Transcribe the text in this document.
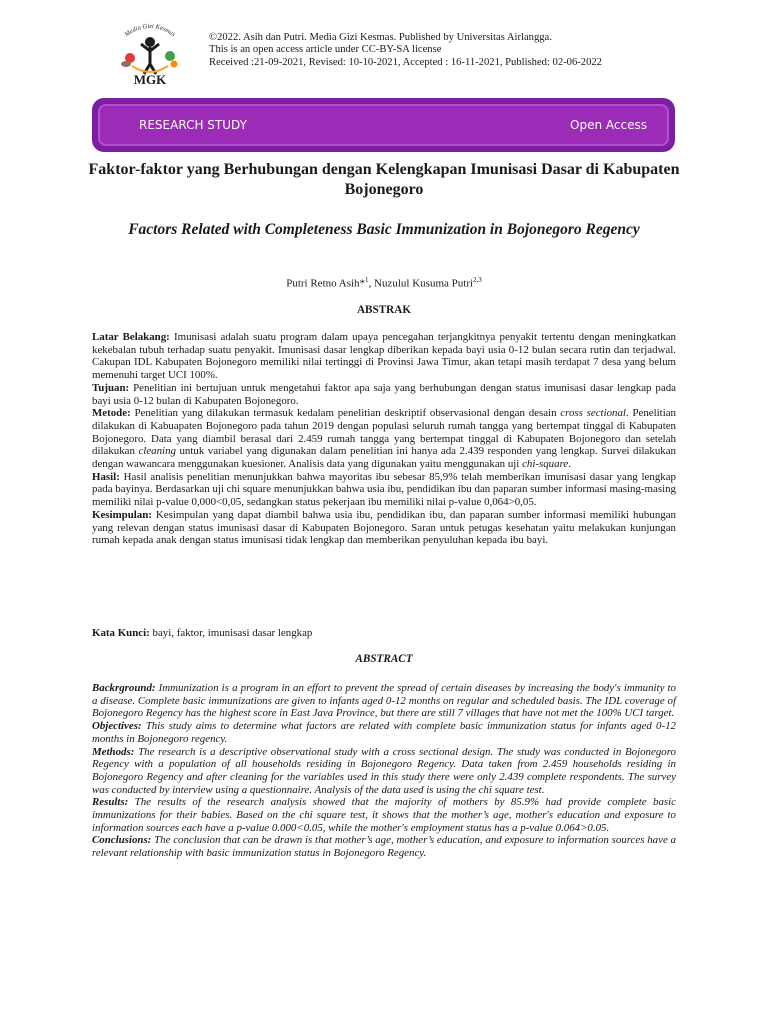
Media Gizi Kesmas
MGK
©2022. Asih dan Putri. Media Gizi Kesmas. Published by Universitas Airlangga.
This is an open access article under CC-BY-SA license
Received :21-09-2021, Revised: 10-10-2021, Accepted : 16-11-2021, Published: 02-06-2022
RESEARCH STUDY	Open Access
Faktor-faktor yang Berhubungan dengan Kelengkapan Imunisasi Dasar di Kabupaten Bojonegoro
Factors Related with Completeness Basic Immunization in Bojonegoro Regency
Putri Retno Asih*$^1$, Nuzulul Kusuma Putri$^{2,3}$
ABSTRAK

Latar Belakang: Imunisasi adalah suatu program dalam upaya pencegahan terjangkitnya penyakit tertentu dengan meningkatkan kekebalan tubuh terhadap suatu penyakit. Imunisasi dasar lengkap diberikan kepada bayi usia 0-12 bulan secara rutin dan terjadwal. Cakupan IDL Kabupaten Bojonegoro memiliki nilai tertinggi di Provinsi Jawa Timur, akan tetapi masih terdapat 7 desa yang belum memenuhi target UCI 100%.

Tujuan: Penelitian ini bertujuan untuk mengetahui faktor apa saja yang berhubungan dengan status imunisasi dasar lengkap pada bayi usia 0-12 bulan di Kabupaten Bojonegoro.

Metode: Penelitian yang dilakukan termasuk kedalam penelitian deskriptif observasional dengan desain cross sectional. Penelitian dilakukan di Kabuapaten Bojonegoro pada tahun 2019 dengan populasi seluruh rumah tangga yang bertempat tinggal di Kabupaten Bojonegoro. Data yang diambil berasal dari 2.459 rumah tangga yang bertempat tinggal di Kabupaten Bojonegoro dan setelah dilakukan cleaning untuk variabel yang digunakan dalam penelitian ini hanya ada 2.439 responden yang lengkap. Survei dilakukan dengan wawancara menggunakan kuesioner. Analisis data yang digunakan yaitu menggunakan uji chi-square.

Hasil: Hasil analisis penelitian menunjukkan bahwa mayoritas ibu sebesar 85,9% telah memberikan imunisasi dasar yang lengkap pada bayinya. Berdasarkan uji chi square menunjukkan bahwa usia ibu, pendidikan ibu dan paparan sumber informasi masing-masing memiliki nilai p-value 0,000<0,05, sedangkan status pekerjaan ibu memiliki nilai p-value 0,064>0,05.

Kesimpulan: Kesimpulan yang dapat diambil bahwa usia ibu, pendidikan ibu, dan paparan sumber informasi memiliki hubungan yang relevan dengan status imunisasi dasar di Kabupaten Bojonegoro. Saran untuk petugas kesehatan yaitu melakukan kunjungan rumah kepada anak dengan status imunisasi tidak lengkap dan memberikan penyuluhan kepada ibu bayi.

Kata Kunci: bayi, faktor, imunisasi dasar lengkap
ABSTRACT

Backrground: Immunization is a program in an effort to prevent the spread of certain diseases by increasing the body's immunity to a disease. Complete basic immunizations are given to infants aged 0-12 months on regular and scheduled basis. The IDL coverage of Bojonegoro Regency has the highest score in East Java Province, but there are still 7 villages that have not met the 100% UCI target.

Objectives: This study aims to determine what factors are related with complete basic immunization status for infants aged 0-12 months in Bojonegoro regency.

Methods: The research is a descriptive observational study with a cross sectional design. The study was conducted in Bojonegoro Regency with a population of all households residing in Bojonegoro Regency. Data taken from 2.459 households residing in Bojonegoro Regency and after cleaning for the variables used in this study there were only 2.439 complete respondents. The survey was conducted by interview using a questionnaire. Analysis of the data used is using the chi square test.

Results: The results of the research analysis showed that the majority of mothers by 85.9% had provide complete basic immunizations for their babies. Based on the chi square test, it shows that the mother’s age, mother's education and exposure to information sources each have a p-value 0.000<0.05, while the mother's employment status has a p-value 0.064>0.05.

Conclusions: The conclusion that can be drawn is that mother’s age, mother’s education, and exposure to information sources have a relevant relationship with basic immunization status in Bojonegoro Regency.
